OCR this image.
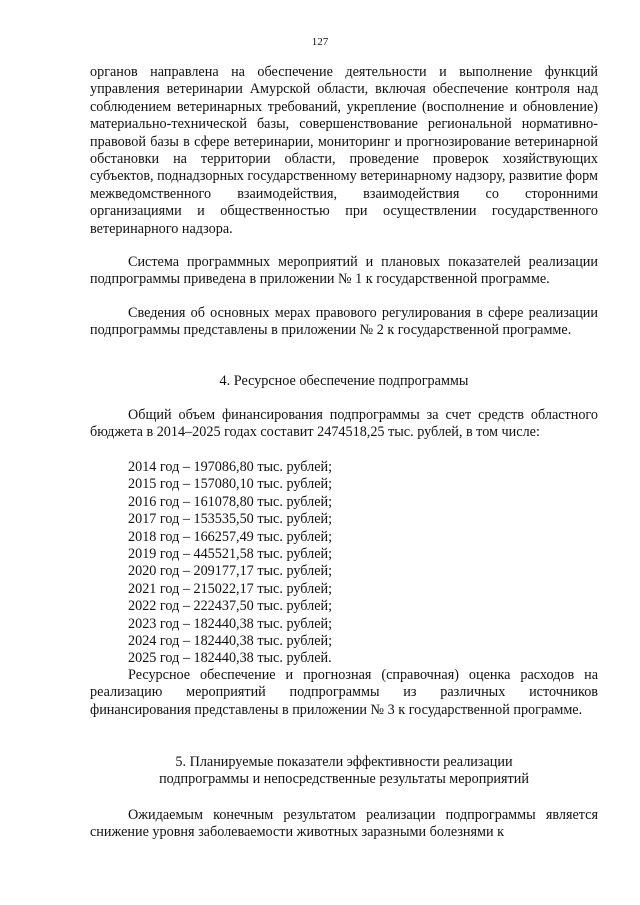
127

органов направлена на обеспечение деятельности и выполнение функций управления ветеринарии Амурской области, включая обеспечение контроля над соблюдением ветеринарных требований, укрепление (восполнение и обновление) материально-технической базы, совершенствование региональной нормативно-правовой базы в сфере ветеринарии, мониторинг и прогнозирование ветеринарной обстановки на территории области, проведение проверок хозяйствующих субъектов, поднадзорных государственному ветеринарному надзору, развитие форм межведомственного взаимодействия, взаимодействия со сторонними организациями и общественностью при осуществлении государственного ветеринарного надзора.

Система программных мероприятий и плановых показателей реализации подпрограммы приведена в приложении № 1 к государственной программе.

Сведения об основных мерах правового регулирования в сфере реализации подпрограммы представлены в приложении № 2 к государственной программе.

4. Ресурсное обеспечение подпрограммы

Общий объем финансирования подпрограммы за счет средств областного бюджета в 2014–2025 годах составит 2474518,25 тыс. рублей, в том числе:

2014 год – 197086,80 тыс. рублей;
2015 год – 157080,10 тыс. рублей;
2016 год – 161078,80 тыс. рублей;
2017 год – 153535,50 тыс. рублей;
2018 год – 166257,49 тыс. рублей;
2019 год – 445521,58 тыс. рублей;
2020 год – 209177,17 тыс. рублей;
2021 год – 215022,17 тыс. рублей;
2022 год – 222437,50 тыс. рублей;
2023 год – 182440,38 тыс. рублей;
2024 год – 182440,38 тыс. рублей;
2025 год – 182440,38 тыс. рублей.

Ресурсное обеспечение и прогнозная (справочная) оценка расходов на реализацию мероприятий подпрограммы из различных источников финансирования представлены в приложении № 3 к государственной программе.

5. Планируемые показатели эффективности реализации

подпрограммы и непосредственные результаты мероприятий

Ожидаемым конечным результатом реализации подпрограммы является снижение уровня заболеваемости животных заразными болезнями к
